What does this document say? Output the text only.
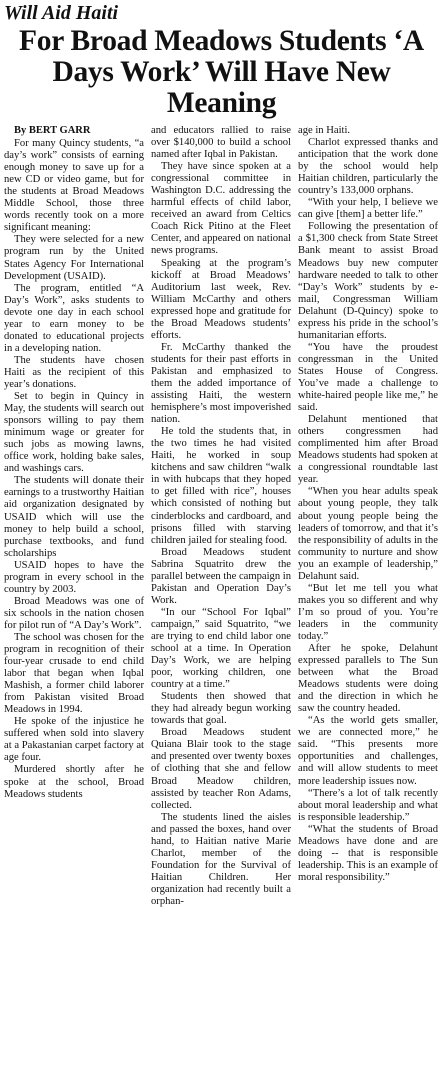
Will Aid Haiti
For Broad Meadows Students ‘A Days Work’ Will Have New Meaning
By BERT GARR

For many Quincy students, “a day’s work” consists of earning enough money to save up for a new CD or video game, but for the students at Broad Meadows Middle School, those three words recently took on a more significant meaning:

They were selected for a new program run by the United States Agency For International Development (USAID).

The program, entitled “A Day’s Work”, asks students to devote one day in each school year to earn money to be donated to educational projects in a developing nation.

The students have chosen Haiti as the recipient of this year’s donations.

Set to begin in Quincy in May, the students will search out sponsors willing to pay them minimum wage or greater for such jobs as mowing lawns, office work, holding bake sales, and washings cars.

The students will donate their earnings to a trustworthy Haitian aid organization designated by USAID which will use the money to help build a school, purchase textbooks, and fund scholarships

USAID hopes to have the program in every school in the country by 2003.

Broad Meadows was one of six schools in the nation chosen for pilot run of “A Day’s Work”.

The school was chosen for the program in recognition of their four-year crusade to end child labor that began when Iqbal Mashish, a former child laborer from Pakistan visited Broad Meadows in 1994.

He spoke of the injustice he suffered when sold into slavery at a Pakastanian carpet factory at age four.

Murdered shortly after he spoke at the school, Broad Meadows students

and educators rallied to raise over $140,000 to build a school named after Iqbal in Pakistan.

They have since spoken at a congressional committee in Washington D.C. addressing the harmful effects of child labor, received an award from Celtics Coach Rick Pitino at the Fleet Center, and appeared on national news programs.

Speaking at the program’s kickoff at Broad Meadows’ Auditorium last week, Rev. William McCarthy and others expressed hope and gratitude for the Broad Meadows students’ efforts.

Fr. McCarthy thanked the students for their past efforts in Pakistan and emphasized to them the added importance of assisting Haiti, the western hemisphere’s most impoverished nation.

He told the students that, in the two times he had visited Haiti, he worked in soup kitchens and saw children “walk in with hubcaps that they hoped to get filled with rice”, houses which consisted of nothing but cinderblocks and cardboard, and prisons filled with starving children jailed for stealing food.

Broad Meadows student Sabrina Squatrito drew the parallel between the campaign in Pakistan and Operation Day’s Work.

“In our “School For Iqbal” campaign,” said Squatrito, “we are trying to end child labor one school at a time. In Operation Day’s Work, we are helping poor, working children, one country at a time.”

Students then showed that they had already begun working towards that goal.

Broad Meadows student Quiana Blair took to the stage and presented over twenty boxes of clothing that she and fellow Broad Meadow children, assisted by teacher Ron Adams, collected.

The students lined the aisles and passed the boxes, hand over hand, to Haitian native Marie Charlot, member of the Foundation for the Survival of Haitian Children. Her organization had recently built a orphan-

age in Haiti.

Charlot expressed thanks and anticipation that the work done by the school would help Haitian children, particularly the country’s 133,000 orphans.

“With your help, I believe we can give [them] a better life.”

Following the presentation of a $1,300 check from State Street Bank meant to assist Broad Meadows buy new computer hardware needed to talk to other “Day’s Work” students by e-mail, Congressman William Delahunt (D-Quincy) spoke to express his pride in the school’s humanitarian efforts.

“You have the proudest congressman in the United States House of Congress. You’ve made a challenge to white-haired people like me,” he said.

Delahunt mentioned that others congressmen had complimented him after Broad Meadows students had spoken at a congressional roundtable last year.

“When you hear adults speak about young people, they talk about young people being the leaders of tomorrow, and that it’s the responsibility of adults in the community to nurture and show you an example of leadership,” Delahunt said.

“But let me tell you what makes you so different and why I’m so proud of you. You’re leaders in the community today.”

After he spoke, Delahunt expressed parallels to The Sun between what the Broad Meadows students were doing and the direction in which he saw the country headed.

“As the world gets smaller, we are connected more,” he said. “This presents more opportunities and challenges, and will allow students to meet more leadership issues now.

“There’s a lot of talk recently about moral leadership and what is responsible leadership.”

“What the students of Broad Meadows have done and are doing -- that is responsible leadership. This is an example of moral responsibility.”
